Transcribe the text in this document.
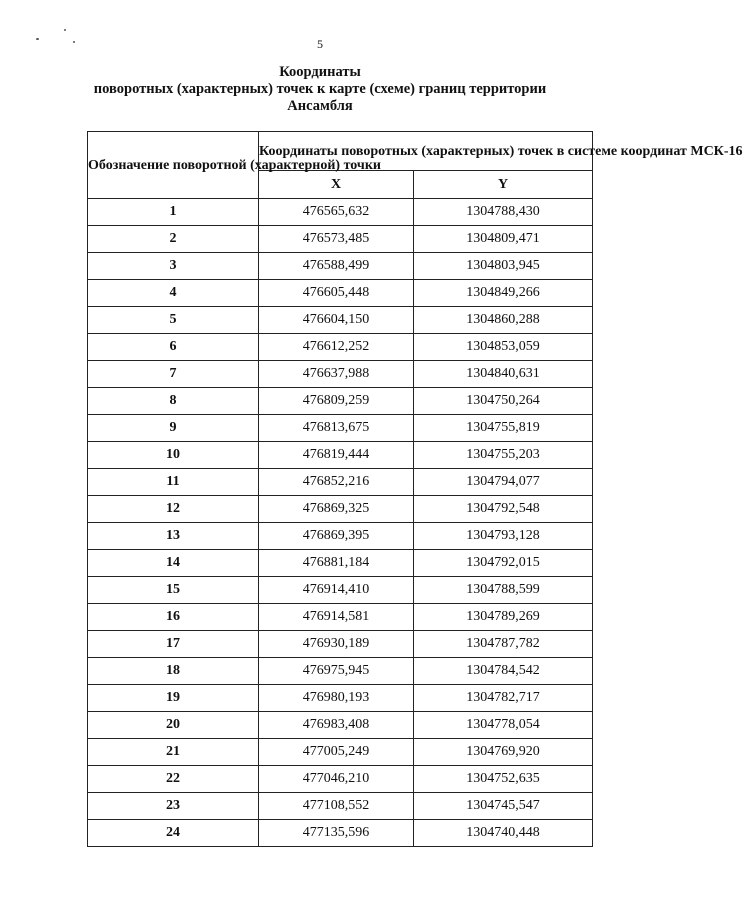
5
Координаты
поворотных (характерных) точек к карте (схеме) границ территории
Ансамбля
Обозначение поворотной (характерной) точки	Координаты поворотных (характерных) точек в системе координат МСК-16	
	X	Y
1	476565,632	1304788,430
2	476573,485	1304809,471
3	476588,499	1304803,945
4	476605,448	1304849,266
5	476604,150	1304860,288
6	476612,252	1304853,059
7	476637,988	1304840,631
8	476809,259	1304750,264
9	476813,675	1304755,819
10	476819,444	1304755,203
11	476852,216	1304794,077
12	476869,325	1304792,548
13	476869,395	1304793,128
14	476881,184	1304792,015
15	476914,410	1304788,599
16	476914,581	1304789,269
17	476930,189	1304787,782
18	476975,945	1304784,542
19	476980,193	1304782,717
20	476983,408	1304778,054
21	477005,249	1304769,920
22	477046,210	1304752,635
23	477108,552	1304745,547
24	477135,596	1304740,448
